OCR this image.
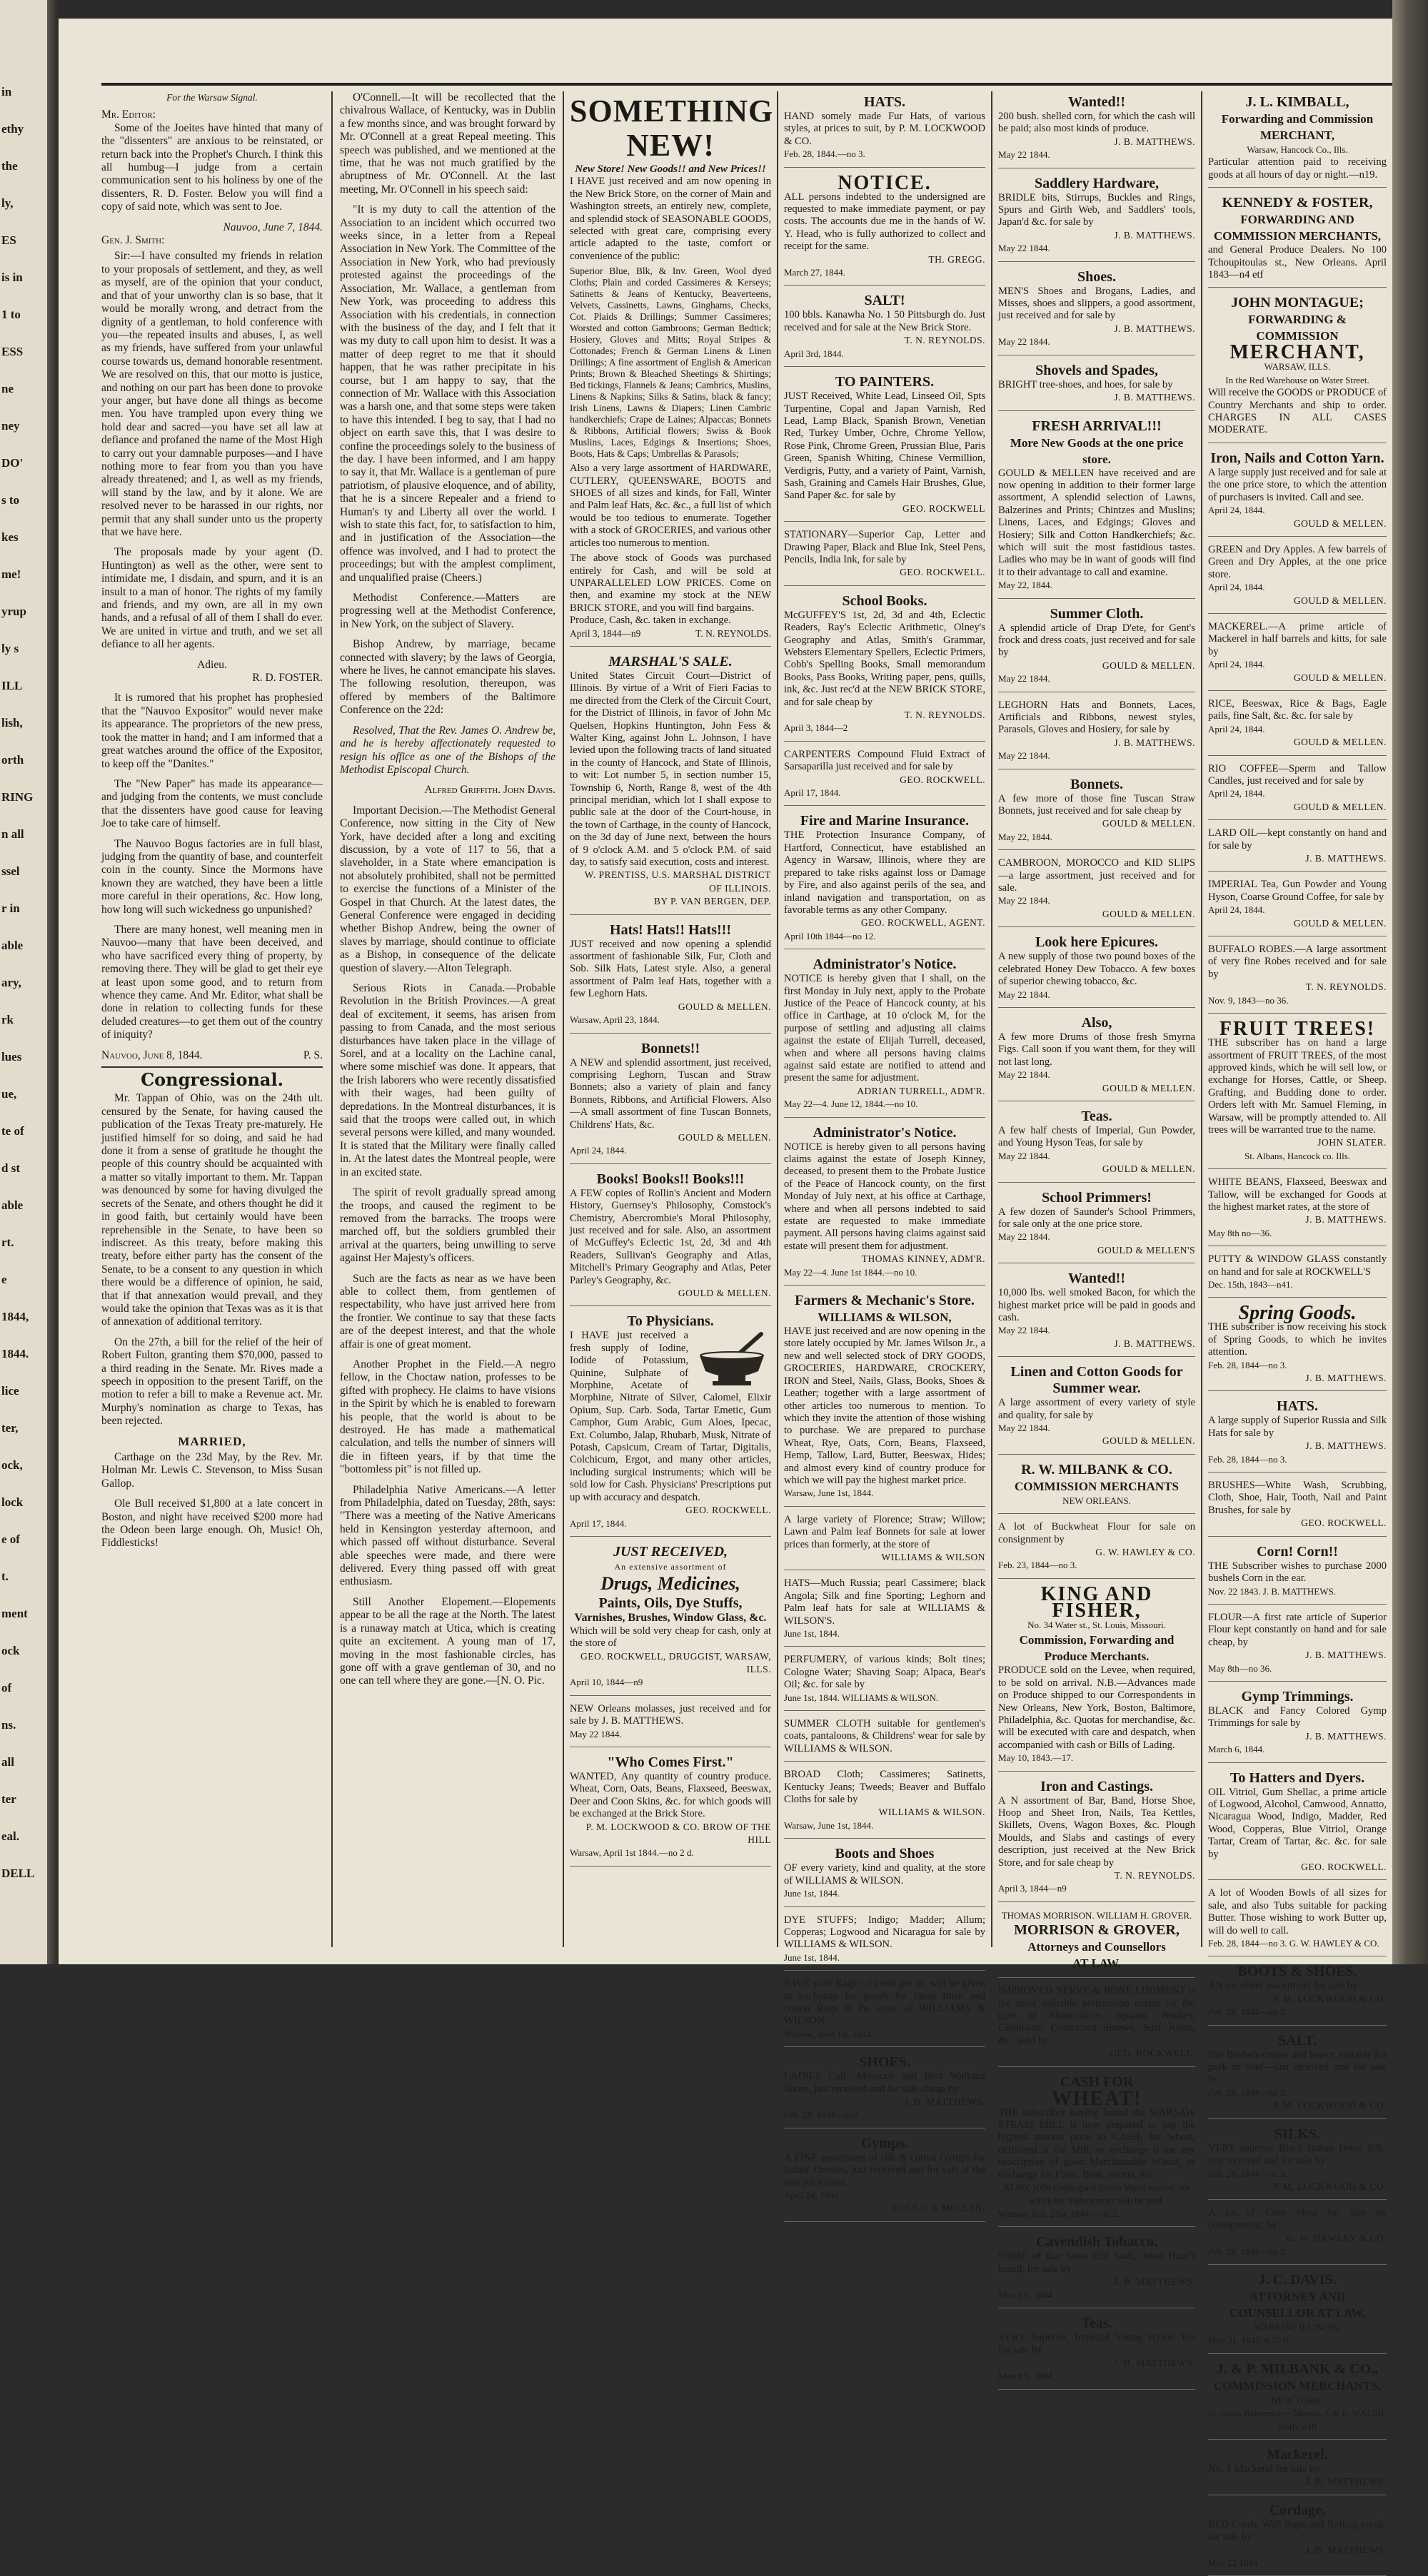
in
ethy
the
ly,
ES
is in
1 to
ESS
ne
ney
DO'
s to
kes
me!
yrup
ly s
ILL
lish,
orth
RING
n all
ssel
r in
able
ary,
rk
lues
ue,
te of
d st
able
rt.
e
1844,
1844.
lice
ter,
ock,
lock
e of
t.
ment
ock
of
ns.
all
ter
eal.
DELL
For the Warsaw Signal.
Mr. Editor:

Some of the Joeites have hinted that many of the "dissenters" are anxious to be reinstated, or return back into the Prophet's Church. I think this all humbug—I judge from a certain communication sent to his holiness by one of the dissenters, R. D. Foster. Below you will find a copy of said note, which was sent to Joe.

Nauvoo, June 7, 1844.
Gen. J. Smith:

Sir:—I have consulted my friends in relation to your proposals of settlement, and they, as well as myself, are of the opinion that your conduct, and that of your unworthy clan is so base, that it would be morally wrong, and detract from the dignity of a gentleman, to hold conference with you—the repeated insults and abuses, I, as well as my friends, have suffered from your unlawful course towards us, demand honorable resentment. We are resolved on this, that our motto is justice, and nothing on our part has been done to provoke your anger, but have done all things as become men. You have trampled upon every thing we hold dear and sacred—you have set all law at defiance and profaned the name of the Most High to carry out your damnable purposes—and I have nothing more to fear from you than you have already threatened; and I, as well as my friends, will stand by the law, and by it alone. We are resolved never to be harassed in our rights, nor permit that any shall sunder unto us the property that we have here.

The proposals made by your agent (D. Huntington) as well as the other, were sent to intimidate me, I disdain, and spurn, and it is an insult to a man of honor. The rights of my family and friends, and my own, are all in my own hands, and a refusal of all of them I shall do ever. We are united in virtue and truth, and we set all defiance to all her agents.

Adieu.
R. D. FOSTER.

It is rumored that his prophet has prophesied that the "Nauvoo Expositor" would never make its appearance. The proprietors of the new press, took the matter in hand; and I am informed that a great watches around the office of the Expositor, to keep off the "Danites."

The "New Paper" has made its appearance—and judging from the contents, we must conclude that the dissenters have good cause for leaving Joe to take care of himself.

The Nauvoo Bogus factories are in full blast, judging from the quantity of base, and counterfeit coin in the county. Since the Mormons have known they are watched, they have been a little more careful in their operations, &c. How long, how long will such wickedness go unpunished?

There are many honest, well meaning men in Nauvoo—many that have been deceived, and who have sacrificed every thing of property, by removing there. They will be glad to get their eye at least upon some good, and to return from whence they came. And Mr. Editor, what shall be done in relation to collecting funds for these deluded creatures—to get them out of the country of iniquity?

Nauvoo, June 8, 1844.	P. S.
Congressional.

Mr. Tappan of Ohio, was on the 24th ult. censured by the Senate, for having caused the publication of the Texas Treaty pre-maturely. He justified himself for so doing, and said he had done it from a sense of gratitude he thought the people of this country should be acquainted with a matter so vitally important to them. Mr. Tappan was denounced by some for having divulged the secrets of the Senate, and others thought he did it in good faith, but certainly would have been reprehensible in the Senate, to have been so indiscreet. As this treaty, before making this treaty, before either party has the consent of the Senate, to be a consent to any question in which there would be a difference of opinion, he said, that if that annexation would prevail, and they would take the opinion that Texas was as it is that of annexation of additional territory.

On the 27th, a bill for the relief of the heir of Robert Fulton, granting them $70,000, passed to a third reading in the Senate. Mr. Rives made a speech in opposition to the present Tariff, on the motion to refer a bill to make a Revenue act. Mr. Murphy's nomination as charge to Texas, has been rejected.

MARRIED,

Carthage on the 23d May, by the Rev. Mr. Holman Mr. Lewis C. Stevenson, to Miss Susan Gallop.

Ole Bull received $1,800 at a late concert in Boston, and night have received $200 more had the Odeon been large enough. Oh, Music! Oh, Fiddlesticks!

O'Connell.—It will be recollected that the chivalrous Wallace, of Kentucky, was in Dublin a few months since, and was brought forward by Mr. O'Connell at a great Repeal meeting. This speech was published, and we mentioned at the time, that he was not much gratified by the abruptness of Mr. O'Connell. At the last meeting, Mr. O'Connell in his speech said:

"It is my duty to call the attention of the Association to an incident which occurred two weeks since, in a letter from a Repeal Association in New York. The Committee of the Association in New York, who had previously protested against the proceedings of the Association, Mr. Wallace, a gentleman from New York, was proceeding to address this Association with his credentials, in connection with the business of the day, and I felt that it was my duty to call upon him to desist. It was a matter of deep regret to me that it should happen, that he was rather precipitate in his course, but I am happy to say, that the connection of Mr. Wallace with this Association was a harsh one, and that some steps were taken to have this intended. I beg to say, that I had no object on earth save this, that I was desire to confine the proceedings solely to the business of the day. I have been informed, and I am happy to say it, that Mr. Wallace is a gentleman of pure patriotism, of plausive eloquence, and of ability, that he is a sincere Repealer and a friend to Human's ty and Liberty all over the world. I wish to state this fact, for, to satisfaction to him, and in justification of the Association—the offence was involved, and I had to protect the proceedings; but with the amplest compliment, and unqualified praise (Cheers.)

Methodist Conference.—Matters are progressing well at the Methodist Conference, in New York, on the subject of Slavery.

Bishop Andrew, by marriage, became connected with slavery; by the laws of Georgia, where he lives, he cannot emancipate his slaves. The following resolution, thereupon, was offered by members of the Baltimore Conference on the 22d:

Resolved, That the Rev. James O. Andrew be, and he is hereby affectionately requested to resign his office as one of the Bishops of the Methodist Episcopal Church.

Alfred Griffith. John Davis.

Important Decision.—The Methodist General Conference, now sitting in the City of New York, have decided after a long and exciting discussion, by a vote of 117 to 56, that a slaveholder, in a State where emancipation is not absolutely prohibited, shall not be permitted to exercise the functions of a Minister of the Gospel in that Church. At the latest dates, the General Conference were engaged in deciding whether Bishop Andrew, being the owner of slaves by marriage, should continue to officiate as a Bishop, in consequence of the delicate question of slavery.—Alton Telegraph.

Serious Riots in Canada.—Probable Revolution in the British Provinces.—A great deal of excitement, it seems, has arisen from passing to from Canada, and the most serious disturbances have taken place in the village of Sorel, and at a locality on the Lachine canal, where some mischief was done. It appears, that the Irish laborers who were recently dissatisfied with their wages, had been guilty of depredations. In the Montreal disturbances, it is said that the troops were called out, in which several persons were killed, and many wounded. It is stated that the Military were finally called in. At the latest dates the Montreal people, were in an excited state.

The spirit of revolt gradually spread among the troops, and caused the regiment to be removed from the barracks. The troops were marched off, but the soldiers grumbled their arrival at the quarters, being unwilling to serve against Her Majesty's officers.

Such are the facts as near as we have been able to collect them, from gentlemen of respectability, who have just arrived here from the frontier. We continue to say that these facts are of the deepest interest, and that the whole affair is one of great moment.

Another Prophet in the Field.—A negro fellow, in the Choctaw nation, professes to be gifted with prophecy. He claims to have visions in the Spirit by which he is enabled to forewarn his people, that the world is about to be destroyed. He has made a mathematical calculation, and tells the number of sinners will die in fifteen years, if by that time the "bottomless pit" is not filled up.

Philadelphia Native Americans.—A letter from Philadelphia, dated on Tuesday, 28th, says: "There was a meeting of the Native Americans held in Kensington yesterday afternoon, and which passed off without disturbance. Several able speeches were made, and there were delivered. Every thing passed off with great enthusiasm.

Still Another Elopement.—Elopements appear to be all the rage at the North. The latest is a runaway match at Utica, which is creating quite an excitement. A young man of 17, moving in the most fashionable circles, has gone off with a grave gentleman of 30, and no one can tell where they are gone.—[N. O. Pic.

SOMETHING NEW!
New Store! New Goods!! and New Prices!!
I HAVE just received and am now opening in the New Brick Store, on the corner of Main and Washington streets, an entirely new, complete, and splendid stock of SEASONABLE GOODS, selected with great care, comprising every article adapted to the taste, comfort or convenience of the public:
Superior Blue, Blk, & Inv. Green, Wool dyed Cloths; Plain and corded Cassimeres & Kerseys; Satinetts & Jeans of Kentucky, Beaverteens, Velvets, Cassinetts, Lawns, Ginghams, Checks, Cot. Plaids & Drillings; Summer Cassimeres; Worsted and cotton Gambroons; German Bedtick; Hosiery, Gloves and Mitts; Royal Stripes & Cottonades; French & German Linens & Linen Drillings; A fine assortment of English & American Prints; Brown & Bleached Sheetings & Shirtings; Bed tickings, Flannels & Jeans; Cambrics, Muslins, Linens & Napkins; Silks & Satins, black & fancy; Irish Linens, Lawns & Diapers; Linen Cambric handkerchiefs; Crape de Laines; Alpaccas; Bonnets & Ribbons, Artificial flowers; Swiss & Book Muslins, Laces, Edgings & Insertions; Shoes, Boots, Hats & Caps; Umbrellas & Parasols;
Also a very large assortment of HARDWARE, CUTLERY, QUEENSWARE, BOOTS and SHOES of all sizes and kinds, for Fall, Winter and Palm leaf Hats, &c. &c., a full list of which would be too tedious to enumerate. Together with a stock of GROCERIES, and various other articles too numerous to mention.
The above stock of Goods was purchased entirely for Cash, and will be sold at UNPARALLELED LOW PRICES. Come on then, and examine my stock at the NEW BRICK STORE, and you will find bargains.
Produce, Cash, &c. taken in exchange.
April 3, 1844—n9	T. N. REYNOLDS.
MARSHAL'S SALE.
United States Circuit Court—District of Illinois. By virtue of a Writ of Fieri Facias to me directed from the Clerk of the Circuit Court, for the District of Illinois, in favor of John Mc Quelsen, Hopkins Huntington, John Fess & Walter King, against John L. Johnson, I have levied upon the following tracts of land situated in the county of Hancock, and State of Illinois, to wit: Lot number 5, in section number 15, Township 6, North, Range 8, west of the 4th principal meridian, which lot I shall expose to public sale at the door of the Court-house, in the town of Carthage, in the county of Hancock, on the 3d day of June next, between the hours of 9 o'clock A.M. and 5 o'clock P.M. of said day, to satisfy said execution, costs and interest.
W. PRENTISS, U.S. MARSHAL DISTRICT OF ILLINOIS.
BY P. VAN BERGEN, DEP.
Hats! Hats!! Hats!!!
JUST received and now opening a splendid assortment of fashionable Silk, Fur, Cloth and Sob. Silk Hats, Latest style. Also, a general assortment of Palm leaf Hats, together with a few Leghorn Hats.
GOULD & MELLEN.
Warsaw, April 23, 1844.
Bonnets!!
A NEW and splendid assortment, just received, comprising Leghorn, Tuscan and Straw Bonnets; also a variety of plain and fancy Bonnets, Ribbons, and Artificial Flowers. Also—A small assortment of fine Tuscan Bonnets, Childrens' Hats, &c.
GOULD & MELLEN.
April 24, 1844.
Books! Books!! Books!!!
A FEW copies of Rollin's Ancient and Modern History, Guernsey's Philosophy, Comstock's Chemistry, Abercrombie's Moral Philosophy, just received and for sale. Also, an assortment of McGuffey's Eclectic 1st, 2d, 3d and 4th Readers, Sullivan's Geography and Atlas, Mitchell's Primary Geography and Atlas, Peter Parley's Geography, &c.
GOULD & MELLEN.
To Physicians.
I HAVE just received a fresh supply of Iodine, Iodide of Potassium, Quinine, Sulphate of Morphine, Acetate of Morphine, Nitrate of Silver, Calomel, Elixir Opium, Sup. Carb. Soda, Tartar Emetic, Gum Camphor, Gum Arabic, Gum Aloes, Ipecac, Ext. Columbo, Jalap, Rhubarb, Musk, Nitrate of Potash, Capsicum, Cream of Tartar, Digitalis, Colchicum, Ergot, and many other articles, including surgical instruments; which will be sold low for Cash. Physicians' Prescriptions put up with accuracy and despatch.
GEO. ROCKWELL.
April 17, 1844.
JUST RECEIVED,
An extensive assortment of
Drugs, Medicines,
Paints, Oils, Dye Stuffs,
Varnishes, Brushes, Window Glass, &c.
Which will be sold very cheap for cash, only at the store of
GEO. ROCKWELL, DRUGGIST, WARSAW, ILLS.
April 10, 1844—n9
NEW Orleans molasses, just received and for sale by J. B. MATTHEWS.
May 22 1844.
"Who Comes First."
WANTED, Any quantity of country produce. Wheat, Corn, Oats, Beans, Flaxseed, Beeswax, Deer and Coon Skins, &c. for which goods will be exchanged at the Brick Store.
P. M. LOCKWOOD & CO. BROW OF THE HILL
Warsaw, April 1st 1844.—no 2 d.
HATS.
HAND somely made Fur Hats, of various styles, at prices to suit, by P. M. LOCKWOOD & CO.
Feb. 28, 1844.—no 3.
NOTICE.
ALL persons indebted to the undersigned are requested to make immediate payment, or pay costs. The accounts due me in the hands of W. Y. Head, who is fully authorized to collect and receipt for the same.
TH. GREGG.
March 27, 1844.
SALT!
100 bbls. Kanawha No. 1 50 Pittsburgh do. Just received and for sale at the New Brick Store.
T. N. REYNOLDS.
April 3rd, 1844.
TO PAINTERS.
JUST Received, White Lead, Linseed Oil, Spts Turpentine, Copal and Japan Varnish, Red Lead, Lamp Black, Spanish Brown, Venetian Red, Turkey Umber, Ochre, Chrome Yellow, Rose Pink, Chrome Green, Prussian Blue, Paris Green, Spanish Whiting, Chinese Vermillion, Verdigris, Putty, and a variety of Paint, Varnish, Sash, Graining and Camels Hair Brushes, Glue, Sand Paper &c. for sale by
GEO. ROCKWELL
STATIONARY—Superior Cap, Letter and Drawing Paper, Black and Blue Ink, Steel Pens, Pencils, India Ink, for sale by
GEO. ROCKWELL.
School Books.
McGUFFEY'S 1st, 2d, 3d and 4th, Eclectic Readers, Ray's Eclectic Arithmetic, Olney's Geography and Atlas, Smith's Grammar, Websters Elementary Spellers, Eclectic Primers, Cobb's Spelling Books, Small memorandum Books, Pass Books, Writing paper, pens, quills, ink, &c. Just rec'd at the NEW BRICK STORE, and for sale cheap by
T. N. REYNOLDS.
April 3, 1844—2
CARPENTERS Compound Fluid Extract of Sarsaparilla just received and for sale by
GEO. ROCKWELL.
April 17, 1844.
Fire and Marine Insurance.
THE Protection Insurance Company, of Hartford, Connecticut, have established an Agency in Warsaw, Illinois, where they are prepared to take risks against loss or Damage by Fire, and also against perils of the sea, and inland navigation and transportation, on as favorable terms as any other Company.
GEO. ROCKWELL, AGENT.
April 10th 1844—no 12.
Administrator's Notice.
NOTICE is hereby given that I shall, on the first Monday in July next, apply to the Probate Justice of the Peace of Hancock county, at his office in Carthage, at 10 o'clock M, for the purpose of settling and adjusting all claims against the estate of Elijah Turrell, deceased, when and where all persons having claims against said estate are notified to attend and present the same for adjustment.
ADRIAN TURRELL, ADM'R.
May 22—4. June 12, 1844.—no 10.
Administrator's Notice.
NOTICE is hereby given to all persons having claims against the estate of Joseph Kinney, deceased, to present them to the Probate Justice of the Peace of Hancock county, on the first Monday of July next, at his office at Carthage, where and when all persons indebted to said estate are requested to make immediate payment. All persons having claims against said estate will present them for adjustment.
THOMAS KINNEY, ADM'R.
May 22—4. June 1st 1844.—no 10.
Farmers & Mechanic's Store.
WILLIAMS & WILSON,
HAVE just received and are now opening in the store lately occupied by Mr. James Wilson Jr., a new and well selected stock of DRY GOODS, GROCERIES, HARDWARE, CROCKERY, IRON and Steel, Nails, Glass, Books, Shoes & Leather; together with a large assortment of other articles too numerous to mention. To which they invite the attention of those wishing to purchase. We are prepared to purchase Wheat, Rye, Oats, Corn, Beans, Flaxseed, Hemp, Tallow, Lard, Butter, Beeswax, Hides; and almost every kind of country produce for which we will pay the highest market price.
Warsaw, June 1st, 1844.
A large variety of Florence; Straw; Willow; Lawn and Palm leaf Bonnets for sale at lower prices than formerly, at the store of
WILLIAMS & WILSON
HATS—Much Russia; pearl Cassimere; black Angola; Silk and fine Sporting; Leghorn and Palm leaf hats for sale at WILLIAMS & WILSON'S.
June 1st, 1844.
PERFUMERY, of various kinds; Bolt tines; Cologne Water; Shaving Soap; Alpaca, Bear's Oil; &c. for sale by
June 1st, 1844. WILLIAMS & WILSON.
SUMMER CLOTH suitable for gentlemen's coats, pantaloons, & Childrens' wear for sale by WILLIAMS & WILSON.
BROAD Cloth; Cassimeres; Satinetts, Kentucky Jeans; Tweeds; Beaver and Buffalo Cloths for sale by
WILLIAMS & WILSON.
Warsaw, June 1st, 1844.
Boots and Shoes
OF every variety, kind and quality, at the store of WILLIAMS & WILSON.
June 1st, 1844.
DYE STUFFS; Indigo; Madder; Allum; Copperas; Logwood and Nicaragua for sale by WILLIAMS & WILSON.
June 1st, 1844.
SAVE your Rags—3 cents per lb. will be given in exchange for goods for clean linen and cotton Rags at the store of WILLIAMS & WILSON.
Warsaw, June 1st, 1844.
SHOES.
LADIES Calf, Morocco and Best Walking Shoes, just received and for sale cheap by
J. B. MATTHEWS.
Feb. 28, 1844—no3.
Gymps.
A FINE assortment of silk & cotton Gymps for ladies' Dresses, just received and for sale at the one price store.
April 24, 1844.
GOULD & MELLEN.
Wanted!!
200 bush. shelled corn, for which the cash will be paid; also most kinds of produce.
J. B. MATTHEWS.
May 22 1844.
Saddlery Hardware,
BRIDLE bits, Stirrups, Buckles and Rings, Spurs and Girth Web, and Saddlers' tools, Japan'd &c. for sale by
J. B. MATTHEWS.
May 22 1844.
Shoes.
MEN'S Shoes and Brogans, Ladies, and Misses, shoes and slippers, a good assortment, just received and for sale by
J. B. MATTHEWS.
May 22 1844.
Shovels and Spades,
BRIGHT tree-shoes, and hoes, for sale by
J. B. MATTHEWS.
FRESH ARRIVAL!!!
More New Goods at the one price store.
GOULD & MELLEN have received and are now opening in addition to their former large assortment, A splendid selection of Lawns, Balzerines and Prints; Chintzes and Muslins; Linens, Laces, and Edgings; Gloves and Hosiery; Silk and Cotton Handkerchiefs; &c. which will suit the most fastidious tastes. Ladies who may be in want of goods will find it to their advantage to call and examine.
May 22, 1844.
Summer Cloth.
A splendid article of Drap D'ete, for Gent's frock and dress coats, just received and for sale by
GOULD & MELLEN.
May 22 1844.
LEGHORN Hats and Bonnets, Laces, Artificials and Ribbons, newest styles, Parasols, Gloves and Hosiery, for sale by
J. B. MATTHEWS.
May 22 1844.
Bonnets.
A few more of those fine Tuscan Straw Bonnets, just received and for sale cheap by
GOULD & MELLEN.
May 22, 1844.
CAMBROON, MOROCCO and KID SLIPS—a large assortment, just received and for sale.
May 22 1844.
GOULD & MELLEN.
Look here Epicures.
A new supply of those two pound boxes of the celebrated Honey Dew Tobacco. A few boxes of superior chewing tobacco, &c.
May 22 1844.
Also,
A few more Drums of those fresh Smyrna Figs. Call soon if you want them, for they will not last long.
May 22 1844.
GOULD & MELLEN.
Teas.
A few half chests of Imperial, Gun Powder, and Young Hyson Teas, for sale by
May 22 1844.
GOULD & MELLEN.
School Primmers!
A few dozen of Saunder's School Primmers, for sale only at the one price store.
May 22 1844.
GOULD & MELLEN'S
Wanted!!
10,000 lbs. well smoked Bacon, for which the highest market price will be paid in goods and cash.
May 22 1844.
J. B. MATTHEWS.
Linen and Cotton Goods for Summer wear.
A large assortment of every variety of style and quality, for sale by
May 22 1844.
GOULD & MELLEN.
R. W. MILBANK & CO.
COMMISSION MERCHANTS
NEW ORLEANS.
A lot of Buckwheat Flour for sale on consignment by
G. W. HAWLEY & CO.
Feb. 23, 1844—no 3.
KING AND FISHER,
No. 34 Water st., St. Louis, Missouri.
Commission, Forwarding and Produce Merchants.
PRODUCE sold on the Levee, when required, to be sold on arrival. N.B.—Advances made on Produce shipped to our Correspondents in New Orleans, New York, Boston, Baltimore, Philadelphia, &c. Quotas for merchandise, &c. will be executed with care and despatch, when accompanied with cash or Bills of Lading.
May 10, 1843.—17.
Iron and Castings.
A N assortment of Bar, Band, Horse Shoe, Hoop and Sheet Iron, Nails, Tea Kettles, Skillets, Ovens, Wagon Boxes, &c. Plough Moulds, and Slabs and castings of every description, just received at the New Brick Store, and for sale cheap by
T. N. REYNOLDS.
April 3, 1844—n9
THOMAS MORRISON. WILLIAM H. GROVER.
MORRISON & GROVER,
Attorneys and Counsellors
AT LAW.
IMPROVED NERVE & BONE LINIMENT is the most valuable preparation extant for the cure of Rheumatism, Sprains, Bruises, Chilblains, Contracted Sinews, Stiff Joints, &c. Sold by
GEO. ROCKWELL.
CASH FOR
WHEAT!
THE subscriber having leased the WARSAW STEAM MILL is now prepared to pay the highest market price in CASH, for wheat, delivered at the Mill, or exchange it for any description of good Merchantable Wheat, or exchange for Flour, Bran, Shorts, &c.
ALSO, 1000 Cords good Steam Wood wanted, for which the highest price will be paid.
Warsaw, Feb. 21st, 1844.—no 2.
Cavendish Tobacco.
SOME of that same Old Staff, Jesse Hunt's brand, for sale by
J. B. MATTHEWS.
March 6, 1844.
Teas.
VERY Superior, Imperial Young Hyson Tea for sale by
J. B. MATTHEWS.
March 6, 1844.
J. L. KIMBALL,
Forwarding and Commission MERCHANT,
Warsaw, Hancock Co., Ills.
Particular attention paid to receiving goods at all hours of day or night.—n19.
KENNEDY & FOSTER,
FORWARDING AND COMMISSION MERCHANTS,
and General Produce Dealers. No 100 Tchoupitoulas st., New Orleans. April 1843—n4 etf
JOHN MONTAGUE;
FORWARDING & COMMISSION
MERCHANT,
WARSAW, ILLS.
In the Red Warehouse on Water Street.
Will receive the GOODS or PRODUCE of Country Merchants and ship to order. CHARGES IN ALL CASES MODERATE.
Iron, Nails and Cotton Yarn.
A large supply just received and for sale at the one price store, to which the attention of purchasers is invited. Call and see.
April 24, 1844.
GOULD & MELLEN.
GREEN and Dry Apples. A few barrels of Green and Dry Apples, at the one price store.
April 24, 1844.
GOULD & MELLEN.
MACKEREL.—A prime article of Mackerel in half barrels and kitts, for sale by
April 24, 1844.
GOULD & MELLEN.
RICE, Beeswax, Rice & Bags, Eagle pails, fine Salt, &c. &c. for sale by
April 24, 1844.
GOULD & MELLEN.
RIO COFFEE—Sperm and Tallow Candles, just received and for sale by
April 24, 1844.
GOULD & MELLEN.
LARD OIL—kept constantly on hand and for sale by
J. B. MATTHEWS.
IMPERIAL Tea, Gun Powder and Young Hyson, Coarse Ground Coffee, for sale by
April 24, 1844.
GOULD & MELLEN.
BUFFALO ROBES.—A large assortment of very fine Robes received and for sale by
T. N. REYNOLDS.
Nov. 9, 1843—no 36.
FRUIT TREES!
THE subscriber has on hand a large assortment of FRUIT TREES, of the most approved kinds, which he will sell low, or exchange for Horses, Cattle, or Sheep. Grafting, and Budding done to order. Orders left with Mr. Samuel Fleming, in Warsaw, will be promptly attended to. All trees will be warranted true to the name.
JOHN SLATER.
St. Albans, Hancock co. Ills.
WHITE BEANS, Flaxseed, Beeswax and Tallow, will be exchanged for Goods at the highest market rates, at the store of
J. B. MATTHEWS.
May 8th no—36.
PUTTY & WINDOW GLASS constantly on hand and for sale at ROCKWELL'S
Dec. 15th, 1843—n41.
Spring Goods.
THE subscriber is now receiving his stock of Spring Goods, to which he invites attention.
Feb. 28, 1844—no 3.
J. B. MATTHEWS.
HATS.
A large supply of Superior Russia and Silk Hats for sale by
J. B. MATTHEWS.
Feb. 28, 1844—no 3.
BRUSHES—White Wash, Scrubbing, Cloth, Shoe, Hair, Tooth, Nail and Paint Brushes, for sale by
GEO. ROCKWELL.
Corn! Corn!!
THE Subscriber wishes to purchase 2000 bushels Corn in the ear.
Nov. 22 1843. J. B. MATTHEWS.
FLOUR—A first rate article of Superior Flour kept constantly on hand and for sale cheap, by
J. B. MATTHEWS.
May 8th—no 36.
Gymp Trimmings.
BLACK and Fancy Colored Gymp Trimmings for sale by
J. B. MATTHEWS.
March 6, 1844.
To Hatters and Dyers.
OIL Vitriol, Gum Shellac, a prime article of Logwood, Alcohol, Camwood, Annatto, Nicaragua Wood, Indigo, Madder, Red Wood, Copperas, Blue Vitriol, Orange Tartar, Cream of Tartar, &c. &c. for sale by
GEO. ROCKWELL.
A lot of Wooden Bowls of all sizes for sale, and also Tubs suitable for packing Butter. Those wishing to work Butter up, will do well to call.
Feb. 28, 1844—no 3. G. W. HAWLEY & CO.
BOOTS & SHOES.
AN excellent assortment for sale by
P. M. LOCKWOOD & CO.
Feb. 28, 1844—no 3.
SALT.
500 Bushels coarse and heavy, suitable for pork or beef—just received and for sale by
Feb. 28, 1844—no 3.
P. M. LOCKWOOD & CO.
SILKS.
VERY superior Black Italian Dress Silk, just received and for sale by
Feb. 28, 1844—no 3.
P. M. LOCKWOOD & CO.
A lot of Corn Meal for sale on consignment, by
G. W. HAWLEY & CO.
Feb. 28, 1844—no 3.
J. C. DAVIS.
ATTORNEY AND COUNSELLOR AT LAW,
WARSAW, ILLINOIS.
May 31, 1843. n 20 tf
J. & P. MILBANK & CO.,
COMMISSION MERCHANTS,
NEW YORK.
St. Louis Reference— Messrs. J. & E. WALSH. n34ly-n10
Mackerel.
No. 1 Mackerel for sale by
J. B. MATTHEWS.
Cordage,
BED Cords, Well Rope and Rafting cords, for sale by
J. B. MATTHEWS.
May 22 1844.
